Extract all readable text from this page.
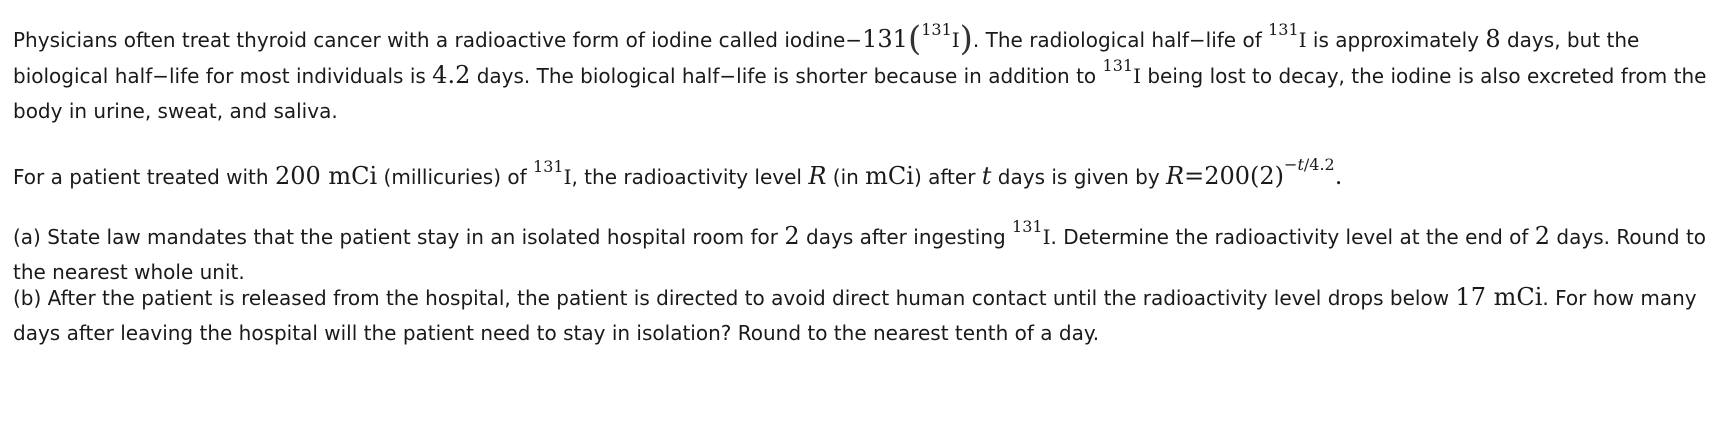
Physicians often treat thyroid cancer with a radioactive form of iodine called iodine−131($^{131}$I). The radiological half−life of $^{131}$I is approximately 8 days, but the biological half−life for most individuals is 4.2 days. The biological half−life is shorter because in addition to $^{131}$I being lost to decay, the iodine is also excreted from the body in urine, sweat, and saliva.

For a patient treated with 200 mCi (millicuries) of $^{131}$I, the radioactivity level R (in mCi) after t days is given by $R=200(2)^{-t/4.2}$.

(a) State law mandates that the patient stay in an isolated hospital room for 2 days after ingesting $^{131}$I. Determine the radioactivity level at the end of 2 days. Round to the nearest whole unit.

(b) After the patient is released from the hospital, the patient is directed to avoid direct human contact until the radioactivity level drops below 17 mCi. For how many days after leaving the hospital will the patient need to stay in isolation? Round to the nearest tenth of a day.
